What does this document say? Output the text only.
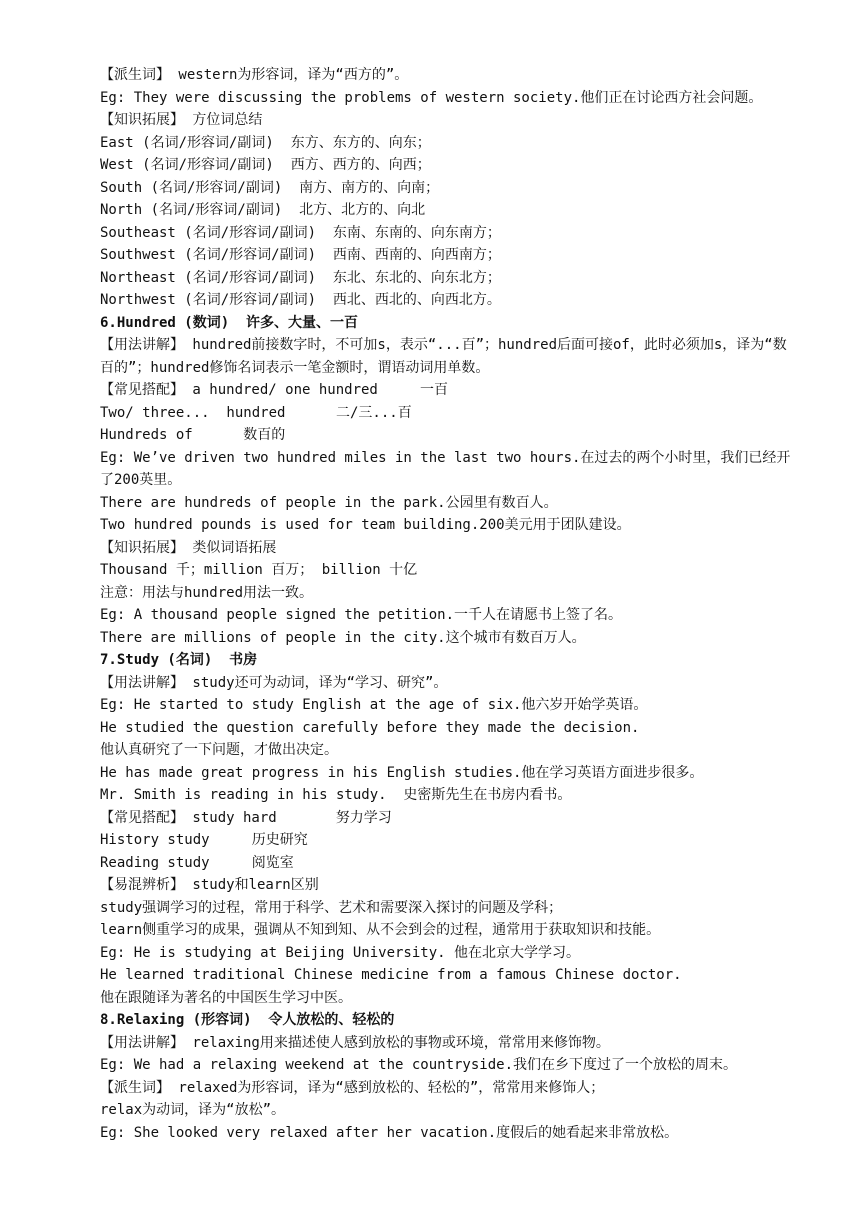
【派生词】 western为形容词，译为“西方的”。
Eg: They were discussing the problems of western society.他们正在讨论西方社会问题。
【知识拓展】 方位词总结
East (名词/形容词/副词)  东方、东方的、向东；
West (名词/形容词/副词)  西方、西方的、向西；
South (名词/形容词/副词)  南方、南方的、向南；
North (名词/形容词/副词)  北方、北方的、向北
Southeast (名词/形容词/副词)  东南、东南的、向东南方；
Southwest (名词/形容词/副词)  西南、西南的、向西南方；
Northeast (名词/形容词/副词)  东北、东北的、向东北方；
Northwest (名词/形容词/副词)  西北、西北的、向西北方。
6.Hundred (数词)  许多、大量、一百
【用法讲解】 hundred前接数字时，不可加s，表示“...百”；hundred后面可接of，此时必须加s，译为“数百的”；hundred修饰名词表示一笔金额时，谓语动词用单数。
【常见搭配】 a hundred/ one hundred     一百
Two/ three...  hundred      二/三...百
Hundreds of      数百的
Eg: We’ve driven two hundred miles in the last two hours.在过去的两个小时里，我们已经开了200英里。
There are hundreds of people in the park.公园里有数百人。
Two hundred pounds is used for team building.200美元用于团队建设。
【知识拓展】 类似词语拓展
Thousand 千；million 百万； billion 十亿
注意：用法与hundred用法一致。
Eg: A thousand people signed the petition.一千人在请愿书上签了名。
There are millions of people in the city.这个城市有数百万人。
7.Study (名词)  书房
【用法讲解】 study还可为动词，译为“学习、研究”。
Eg: He started to study English at the age of six.他六岁开始学英语。
He studied the question carefully before they made the decision.
他认真研究了一下问题，才做出决定。
He has made great progress in his English studies.他在学习英语方面进步很多。
Mr. Smith is reading in his study.  史密斯先生在书房内看书。
【常见搭配】 study hard       努力学习
History study     历史研究
Reading study     阅览室
【易混辨析】 study和learn区别
study强调学习的过程，常用于科学、艺术和需要深入探讨的问题及学科；
learn侧重学习的成果，强调从不知到知、从不会到会的过程，通常用于获取知识和技能。
Eg: He is studying at Beijing University. 他在北京大学学习。
He learned traditional Chinese medicine from a famous Chinese doctor.
他在跟随译为著名的中国医生学习中医。
8.Relaxing (形容词)  令人放松的、轻松的
【用法讲解】 relaxing用来描述使人感到放松的事物或环境，常常用来修饰物。
Eg: We had a relaxing weekend at the countryside.我们在乡下度过了一个放松的周末。
【派生词】 relaxed为形容词，译为“感到放松的、轻松的”，常常用来修饰人；
relax为动词，译为“放松”。
Eg: She looked very relaxed after her vacation.度假后的她看起来非常放松。
